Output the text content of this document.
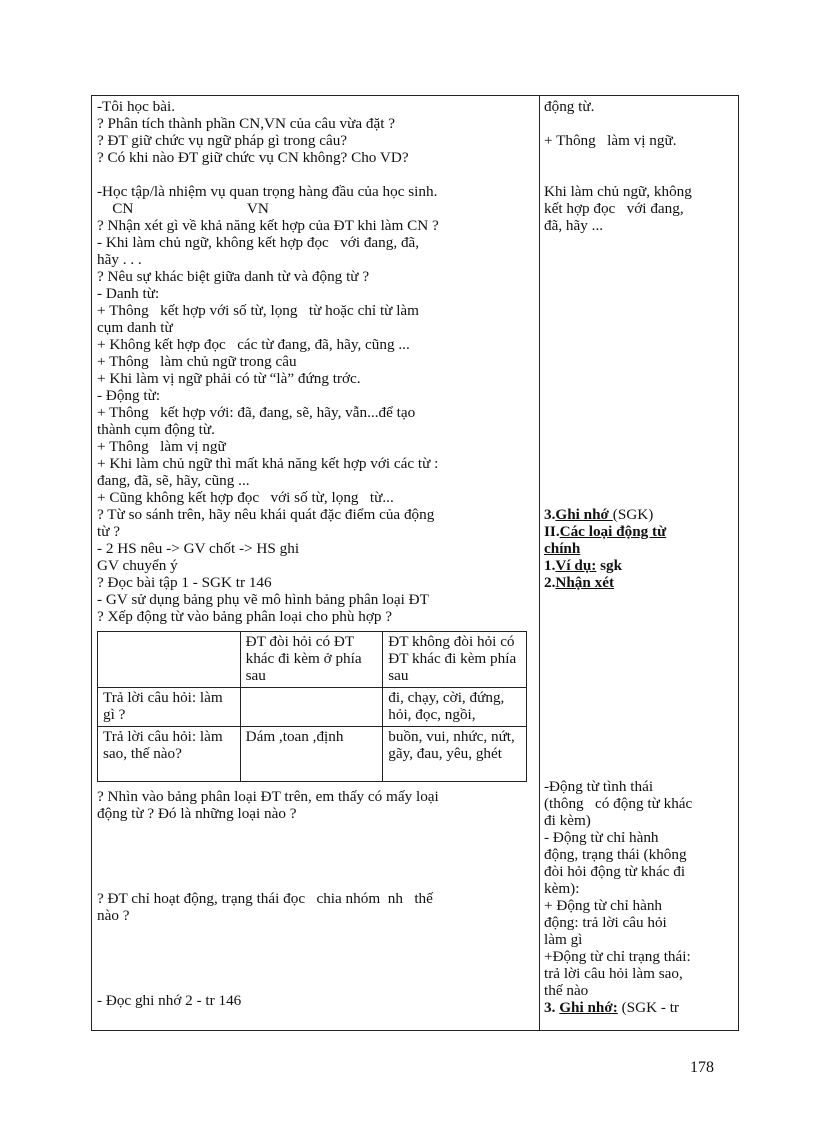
-Tôi học bài.
? Phân tích thành phần CN,VN của câu vừa đặt ?
? ĐT giữ chức vụ ngữ pháp gì trong câu?
? Có khi nào ĐT giữ chức vụ CN không? Cho VD?
-Học tập/là nhiệm vụ quan trọng hàng đầu của học sinh.
CN                              VN
? Nhận xét gì về khả năng kết hợp của ĐT khi làm CN ?
- Khi làm chủ ngữ, không kết hợp đọc   với đang, đã,
hãy . . .
? Nêu sự khác biệt giữa danh từ và động từ ?
- Danh từ:
+ Thông   kết hợp với số từ, lọng   từ hoặc chỉ từ làm
cụm danh từ
+ Không kết hợp đọc   các từ đang, đã, hãy, cũng ...
+ Thông   làm chủ ngữ trong câu
+ Khi làm vị ngữ phải có từ “là” đứng trớc.
- Động từ:
+ Thông   kết hợp với: đã, đang, sẽ, hãy, vẫn...để tạo
thành cụm động từ.
+ Thông   làm vị ngữ
+ Khi làm chủ ngữ thì mất khả năng kết hợp với các từ :
đang, đã, sẽ, hãy, cũng ...
+ Cũng không kết hợp đọc   với số từ, lọng   từ...
? Từ so sánh trên, hãy nêu khái quát đặc điểm của động
từ ?
- 2 HS nêu -> GV chốt -> HS ghi
GV chuyển ý
? Đọc bài tập 1 - SGK tr 146
- GV sử dụng bảng phụ vẽ mô hình bảng phân loại ĐT
? Xếp động từ vào bảng phân loại cho phù hợp ?
	ĐT đòi hỏi có ĐT khác đi kèm ở phía sau	ĐT không đòi hỏi có ĐT khác đi kèm phía sau
Trả lời câu hỏi: làm gì ?		đi, chạy, cời, đứng, hỏi, đọc, ngồi,
Trả lời câu hỏi: làm sao, thế nào?	Dám ,toan ,định	buồn, vui, nhức, nứt, gãy, đau, yêu, ghét
? Nhìn vào bảng phân loại ĐT trên, em thấy có mấy loại
động từ ? Đó là những loại nào ?
? ĐT chỉ hoạt động, trạng thái đọc   chia nhóm  nh   thế
nào ?
- Đọc ghi nhớ 2 - tr 146
động từ.
+ Thông   làm vị ngữ.
Khi làm chủ ngữ, không
kết hợp đọc   với đang,
đã, hãy ...
3.Ghi nhớ (SGK)
II.Các loại động từ
chính
1.Ví dụ: sgk
2.Nhận xét
-Động từ tình thái
(thông   có động từ khác
đi kèm)
- Động từ chỉ hành
động, trạng thái (không
đòi hỏi động từ khác đi
kèm):
+ Động từ chỉ hành
động: trả lời câu hỏi
làm gì
+Động từ chỉ trạng thái:
trả lời câu hỏi làm sao,
thế nào
3. Ghi nhớ: (SGK - tr
178
